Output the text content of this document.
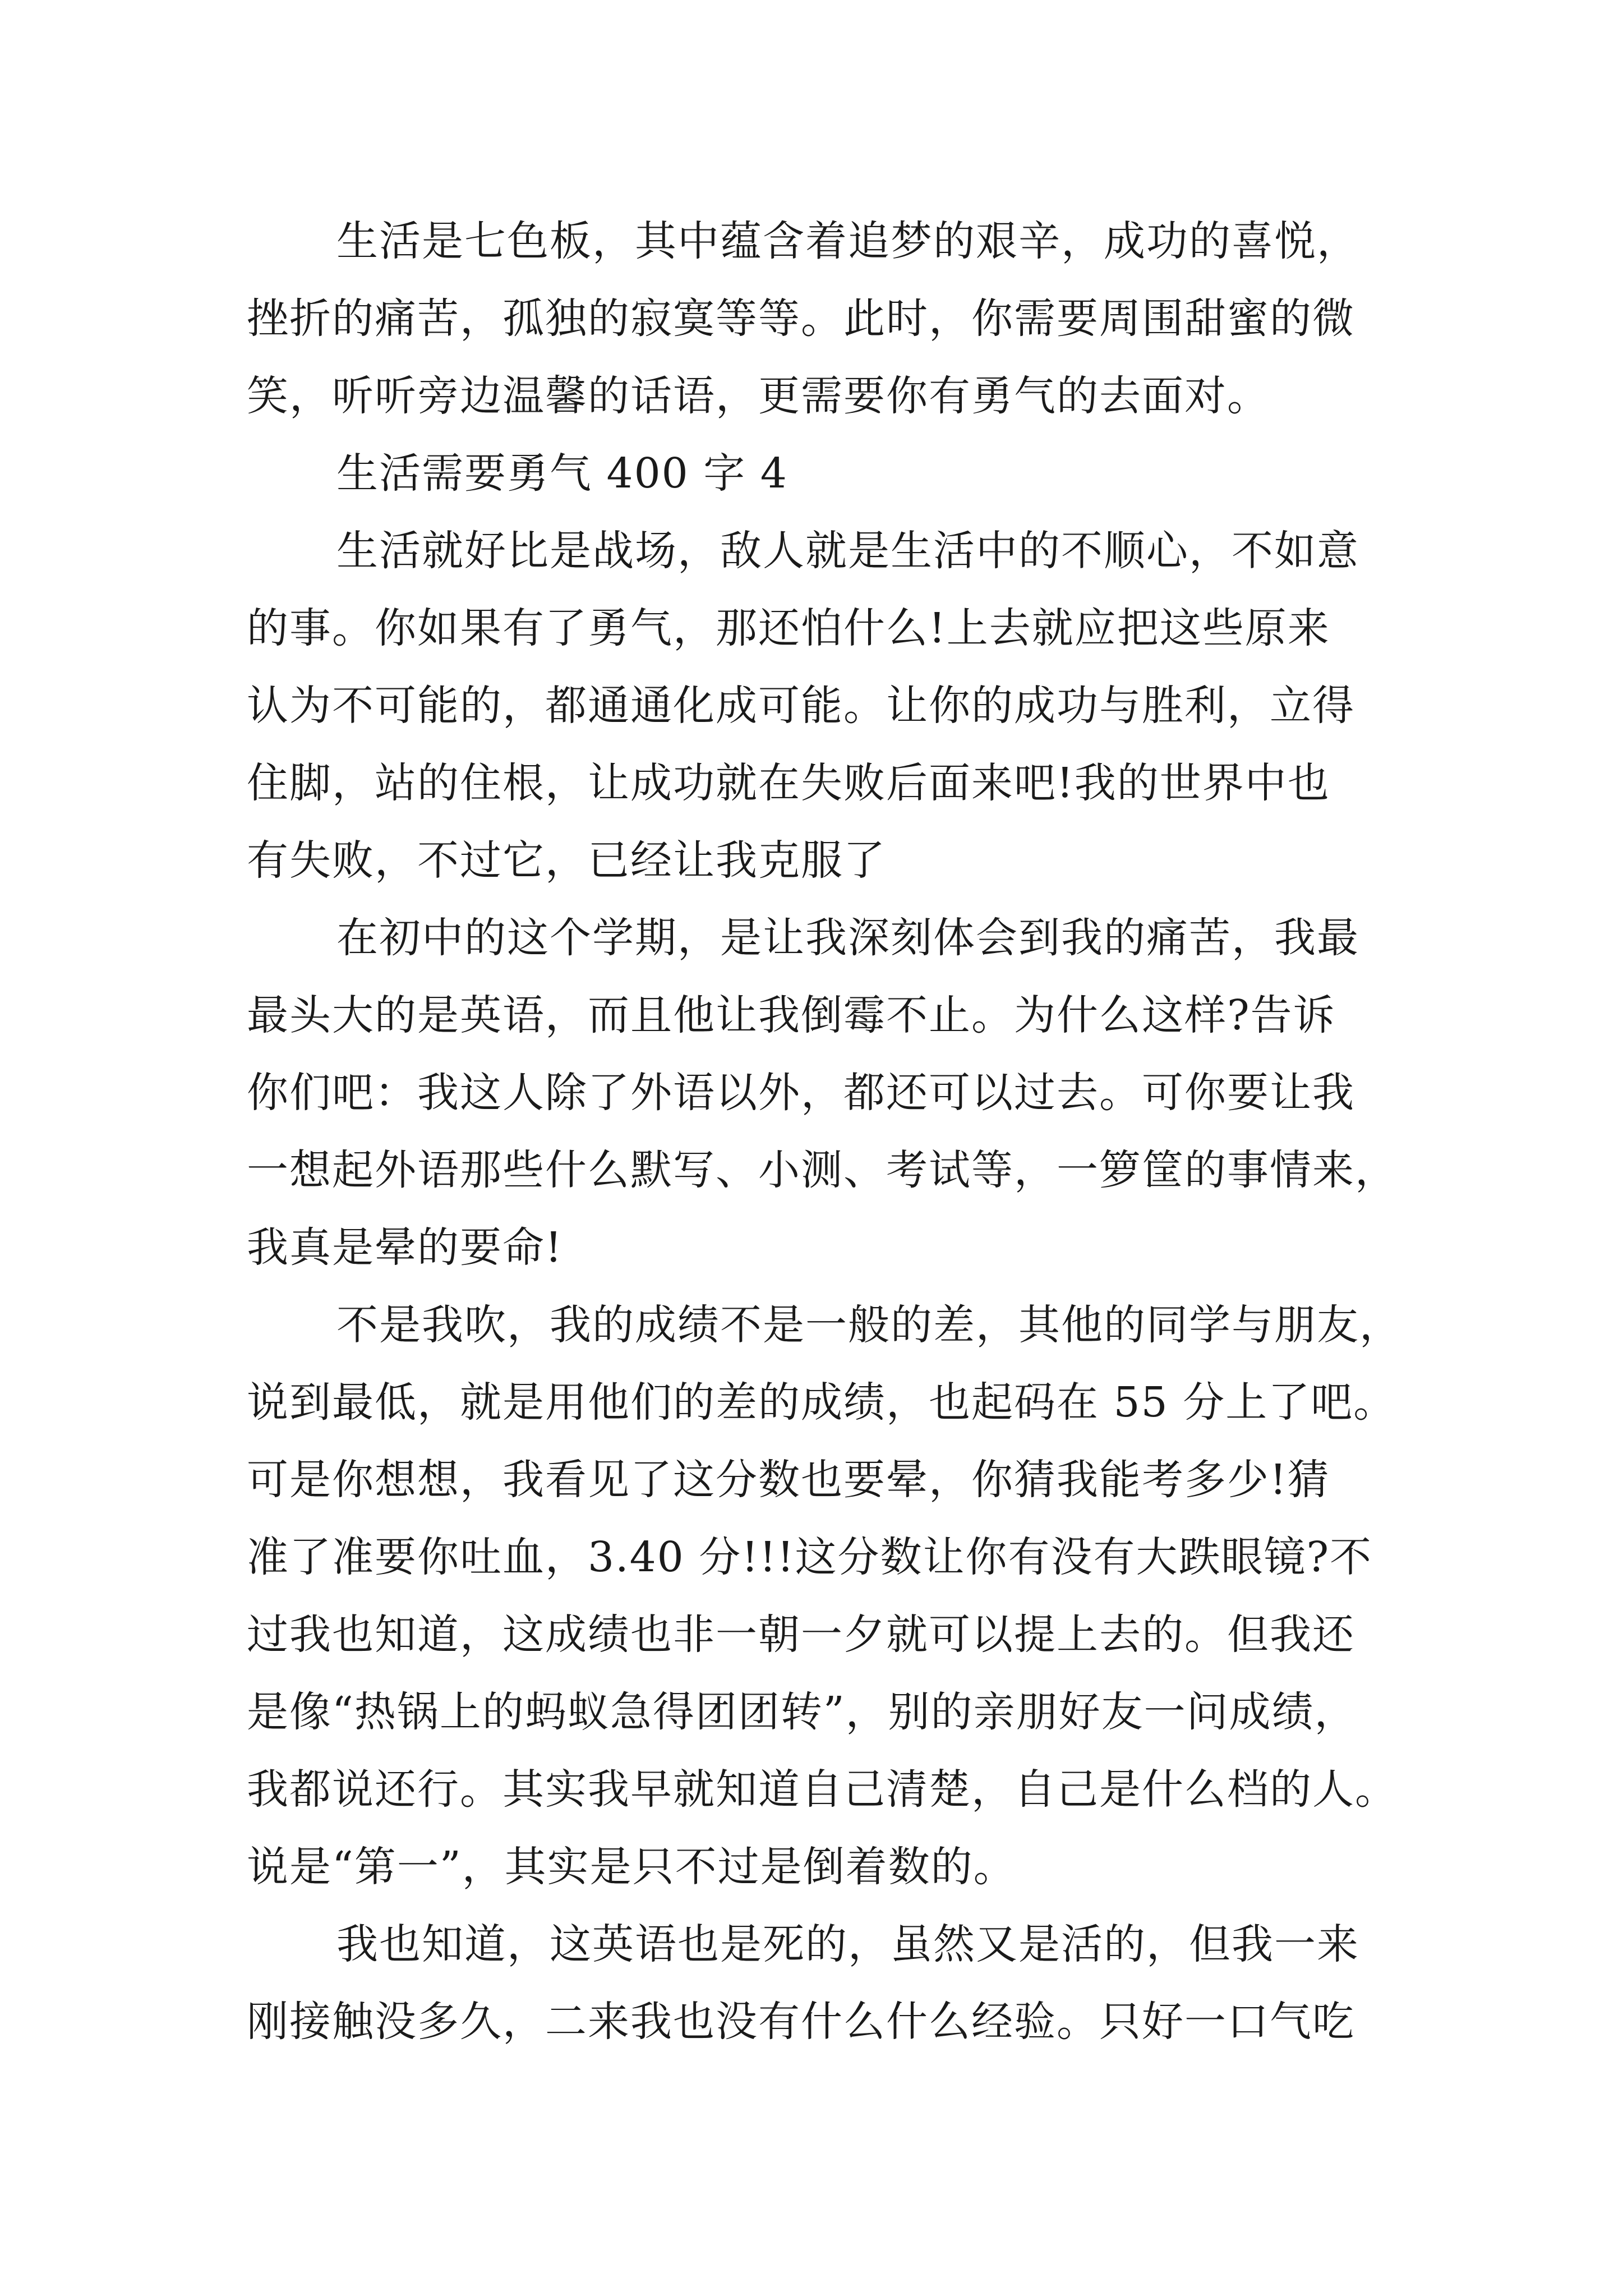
生活是七色板，其中蕴含着追梦的艰辛，成功的喜悦，
挫折的痛苦，孤独的寂寞等等。此时，你需要周围甜蜜的微
笑，听听旁边温馨的话语，更需要你有勇气的去面对。
生活需要勇气 400 字 4
生活就好比是战场，敌人就是生活中的不顺心，不如意
的事。你如果有了勇气，那还怕什么!上去就应把这些原来
认为不可能的，都通通化成可能。让你的成功与胜利，立得
住脚，站的住根，让成功就在失败后面来吧!我的世界中也
有失败，不过它，已经让我克服了
在初中的这个学期，是让我深刻体会到我的痛苦，我最
最头大的是英语，而且他让我倒霉不止。为什么这样?告诉
你们吧：我这人除了外语以外，都还可以过去。可你要让我
一想起外语那些什么默写、小测、考试等，一箩筐的事情来，
我真是晕的要命!
不是我吹，我的成绩不是一般的差，其他的同学与朋友，
说到最低，就是用他们的差的成绩，也起码在 55 分上了吧。
可是你想想，我看见了这分数也要晕，你猜我能考多少!猜
准了准要你吐血，3.40 分!!!这分数让你有没有大跌眼镜?不
过我也知道，这成绩也非一朝一夕就可以提上去的。但我还
是像“热锅上的蚂蚁急得团团转”，别的亲朋好友一问成绩，
我都说还行。其实我早就知道自己清楚，自己是什么档的人。
说是“第一”，其实是只不过是倒着数的。
我也知道，这英语也是死的，虽然又是活的，但我一来
刚接触没多久，二来我也没有什么什么经验。只好一口气吃
